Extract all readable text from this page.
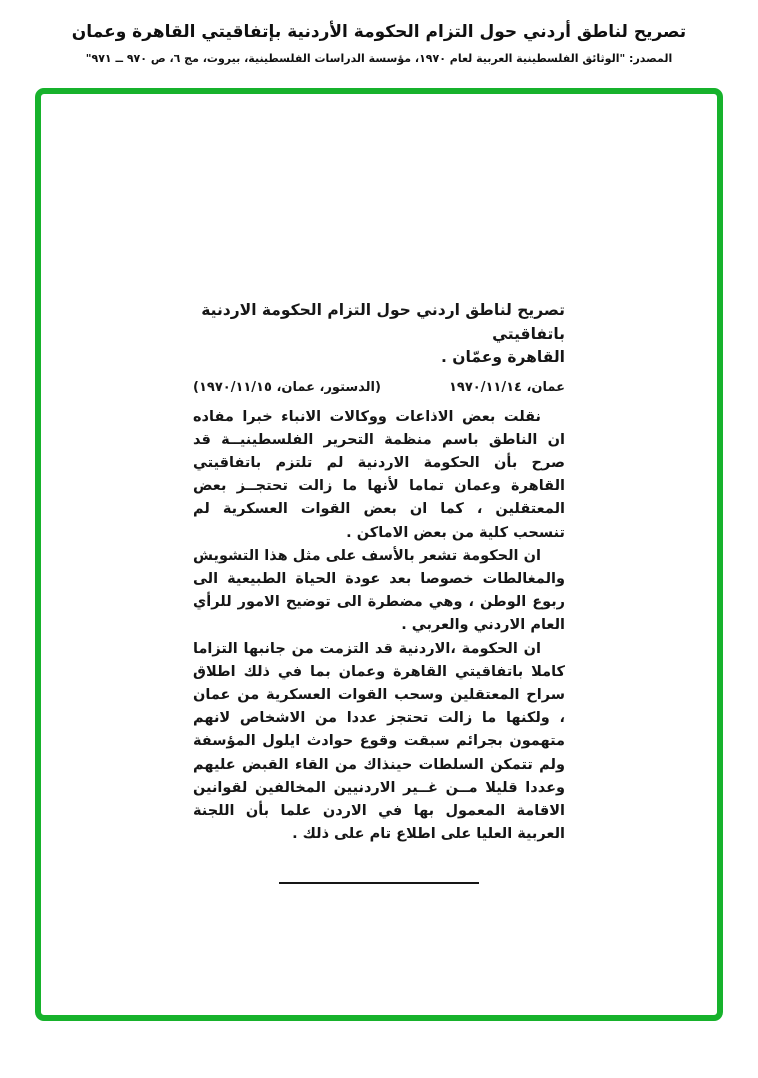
تصريح لناطق أردني حول التزام الحكومة الأردنية بإتفاقيتي القاهرة وعمان
المصدر: "الوثائق الفلسطينية العربية لعام ١٩٧٠، مؤسسة الدراسات الفلسطينية، بيروت، مج ٦، ص ٩٧٠ ــ ٩٧١"
تصريح لناطق اردني حول التزام الحكومة الاردنية باتفاقيتي
القاهرة وعمّان .
عمان، ١٩٧٠/١١/١٤
(الدستور، عمان، ١٩٧٠/١١/١٥)

نقلت بعض الاذاعات ووكالات الانباء خبرا مفاده ان الناطق باسم منظمة التحرير الفلسطينيــة قد صرح بأن الحكومة الاردنية لم تلتزم باتفاقيتي القاهرة وعمان تماما لأنها ما زالت تحتجــز بعض المعتقلين ، كما ان بعض القوات العسكرية لم تنسحب كلية من بعض الاماكن .

ان الحكومة تشعر بالأسف على مثل هذا التشويش والمغالطات خصوصا بعد عودة الحياة الطبيعية الى ربوع الوطن ، وهي مضطرة الى توضيح الامور للرأي العام الاردني والعربي .

ان الحكومة ،الاردنية قد التزمت من جانبها التزاما كاملا باتفاقيتي القاهرة وعمان بما في ذلك اطلاق سراح المعتقلين وسحب القوات العسكرية من عمان ، ولكنها ما زالت تحتجز عددا من الاشخاص لانهم متهمون بجرائم سبقت وقوع حوادث ايلول المؤسفة ولم تتمكن السلطات حينذاك من القاء القبض عليهم وعددا قليلا مــن غــير الاردنيين المخالفين لقوانين الاقامة المعمول بها في الاردن علما بأن اللجنة العربية العليا على اطلاع تام على ذلك .
